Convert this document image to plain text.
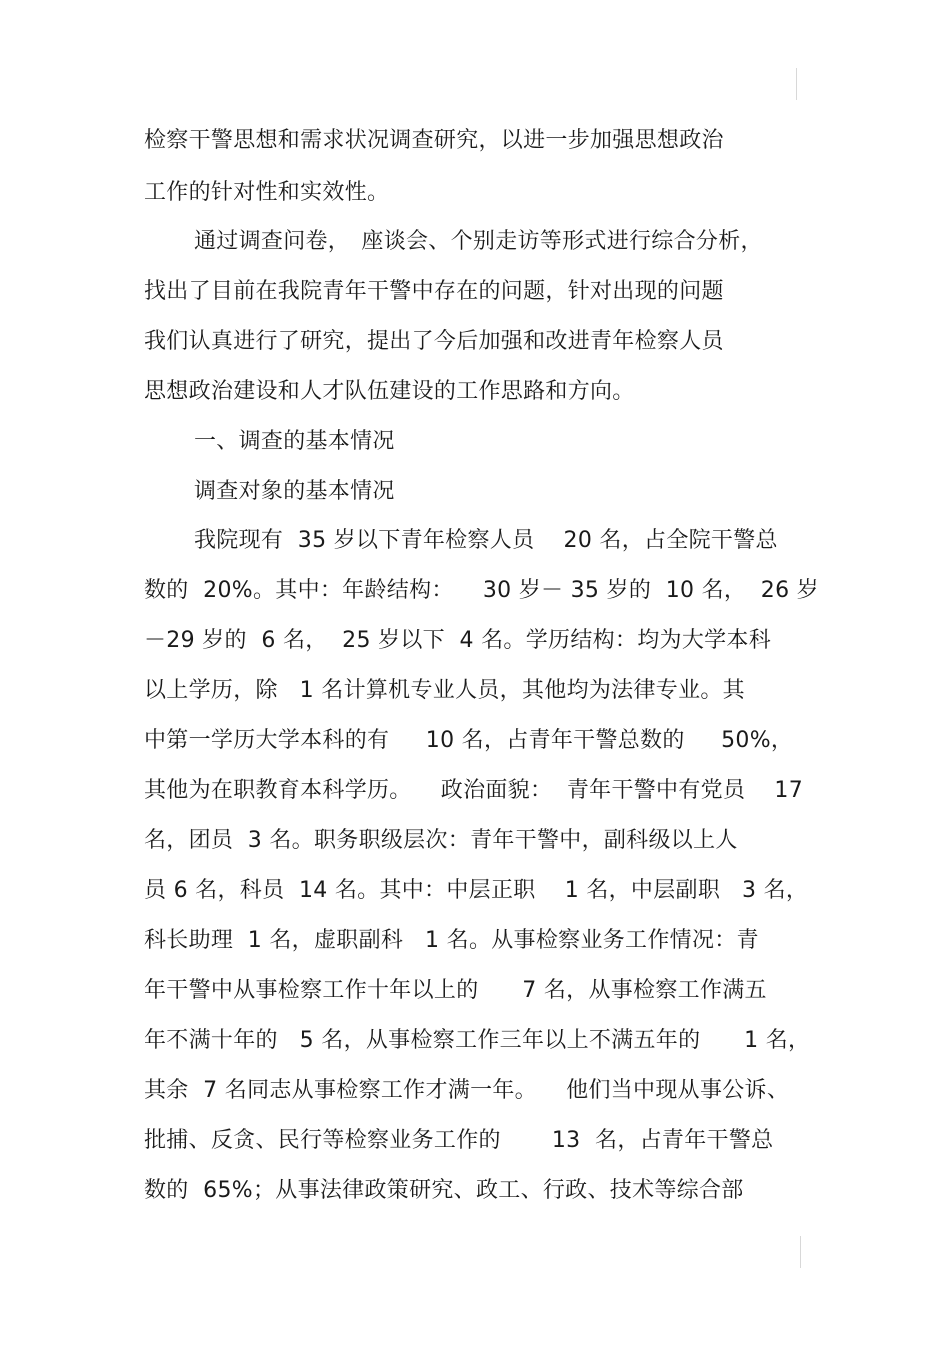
检察干警思想和需求状况调查研究，以进一步加强思想政治
工作的针对性和实效性。
通过调查问卷，　座谈会、个别走访等形式进行综合分析，
找出了目前在我院青年干警中存在的问题，针对出现的问题
我们认真进行了研究，提出了今后加强和改进青年检察人员
思想政治建设和人才队伍建设的工作思路和方向。
一、调查的基本情况
调查对象的基本情况
我院现有  35 岁以下青年检察人员    20 名，占全院干警总
数的  20%。其中：年龄结构：    30 岁－ 35 岁的  10 名，  26 岁
－29 岁的  6 名，  25 岁以下  4 名。学历结构：均为大学本科
以上学历，除   1 名计算机专业人员，其他均为法律专业。其
中第一学历大学本科的有     10 名，占青年干警总数的     50%，
其他为在职教育本科学历。    政治面貌：  青年干警中有党员    17
名，团员  3 名。职务职级层次：青年干警中，副科级以上人
员 6 名，科员  14 名。其中：中层正职    1 名，中层副职   3 名，
科长助理  1 名，虚职副科   1 名。从事检察业务工作情况：青
年干警中从事检察工作十年以上的      7 名，从事检察工作满五
年不满十年的   5 名，从事检察工作三年以上不满五年的      1 名，
其余  7 名同志从事检察工作才满一年。    他们当中现从事公诉、
批捕、反贪、民行等检察业务工作的       13  名，占青年干警总
数的  65%；从事法律政策研究、政工、行政、技术等综合部
